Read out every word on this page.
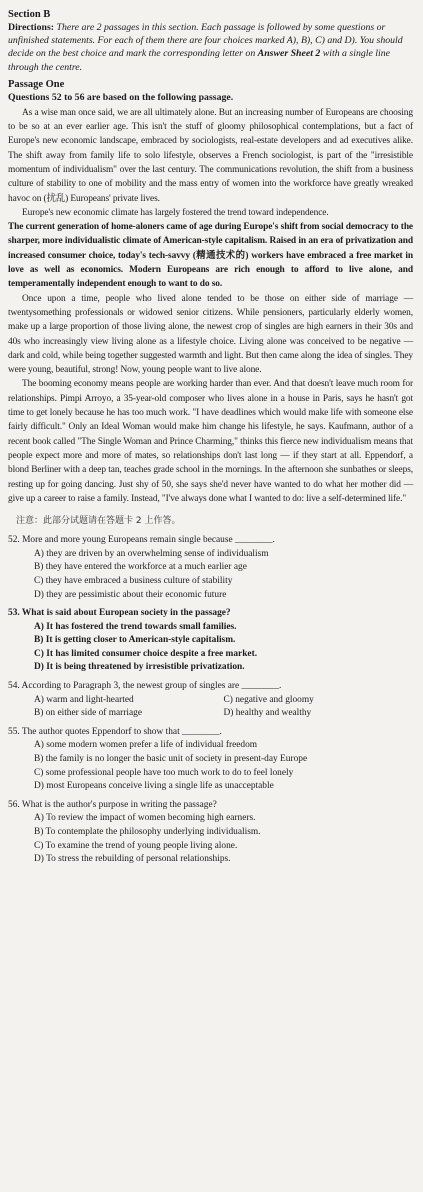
Section B

Directions: There are 2 passages in this section. Each passage is followed by some questions or unfinished statements. For each of them there are four choices marked A), B), C) and D). You should decide on the best choice and mark the corresponding letter on Answer Sheet 2 with a single line through the centre.

Passage One

Questions 52 to 56 are based on the following passage.

As a wise man once said, we are all ultimately alone. But an increasing number of Europeans are choosing to be so at an ever earlier age. This isn't the stuff of gloomy philosophical contemplations, but a fact of Europe's new economic landscape, embraced by sociologists, real-estate developers and ad executives alike. The shift away from family life to solo lifestyle, observes a French sociologist, is part of the "irresistible momentum of individualism" over the last century. The communications revolution, the shift from a business culture of stability to one of mobility and the mass entry of women into the workforce have greatly wreaked havoc on (扰乱) Europeans' private lives.

Europe's new economic climate has largely fostered the trend toward independence.

The current generation of home-aloners came of age during Europe's shift from social democracy to the sharper, more individualistic climate of American-style capitalism. Raised in an era of privatization and increased consumer choice, today's tech-savvy (精通技术的) workers have embraced a free market in love as well as economics. Modern Europeans are rich enough to afford to live alone, and temperamentally independent enough to want to do so.

Once upon a time, people who lived alone tended to be those on either side of marriage — twentysomething professionals or widowed senior citizens. While pensioners, particularly elderly women, make up a large proportion of those living alone, the newest crop of singles are high earners in their 30s and 40s who increasingly view living alone as a lifestyle choice. Living alone was conceived to be negative — dark and cold, while being together suggested warmth and light. But then came along the idea of singles. They were young, beautiful, strong! Now, young people want to live alone.

The booming economy means people are working harder than ever. And that doesn't leave much room for relationships. Pimpi Arroyo, a 35-year-old composer who lives alone in a house in Paris, says he hasn't got time to get lonely because he has too much work. "I have deadlines which would make life with someone else fairly difficult." Only an Ideal Woman would make him change his lifestyle, he says. Kaufmann, author of a recent book called "The Single Woman and Prince Charming," thinks this fierce new individualism means that people expect more and more of mates, so relationships don't last long — if they start at all. Eppendorf, a blond Berliner with a deep tan, teaches grade school in the mornings. In the afternoon she sunbathes or sleeps, resting up for going dancing. Just shy of 50, she says she'd never have wanted to do what her mother did — give up a career to raise a family. Instead, "I've always done what I wanted to do: live a self-determined life."

注意：此部分试题请在答题卡 2 上作答。

52. More and more young Europeans remain single because ________.
A) they are driven by an overwhelming sense of individualism
B) they have entered the workforce at a much earlier age
C) they have embraced a business culture of stability
D) they are pessimistic about their economic future
53. What is said about European society in the passage?
A) It has fostered the trend towards small families.
B) It is getting closer to American-style capitalism.
C) It has limited consumer choice despite a free market.
D) It is being threatened by irresistible privatization.
54. According to Paragraph 3, the newest group of singles are ________.
A) warm and light-hearted	C) negative and gloomy
B) on either side of marriage	D) healthy and wealthy
55. The author quotes Eppendorf to show that ________.
A) some modern women prefer a life of individual freedom
B) the family is no longer the basic unit of society in present-day Europe
C) some professional people have too much work to do to feel lonely
D) most Europeans conceive living a single life as unacceptable
56. What is the author's purpose in writing the passage?
A) To review the impact of women becoming high earners.
B) To contemplate the philosophy underlying individualism.
C) To examine the trend of young people living alone.
D) To stress the rebuilding of personal relationships.
